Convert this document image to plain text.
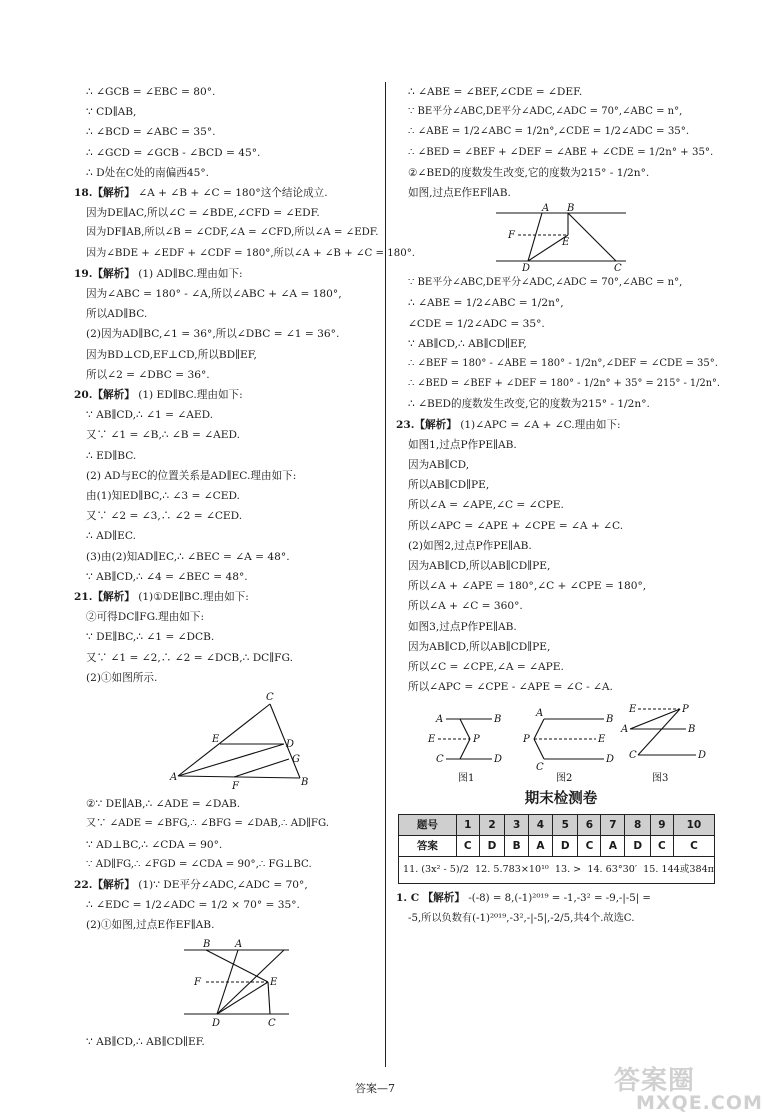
∴ ∠GCB = ∠EBC = 80°.
∵ CD∥AB,
∴ ∠BCD = ∠ABC = 35°.
∴ ∠GCD = ∠GCB - ∠BCD = 45°.
∴ D处在C处的南偏西45°.
18.【解析】 ∠A + ∠B + ∠C = 180°这个结论成立.
因为DE∥AC,所以∠C = ∠BDE,∠CFD = ∠EDF.
因为DF∥AB,所以∠B = ∠CDF,∠A = ∠CFD,所以∠A = ∠EDF.
因为∠BDE + ∠EDF + ∠CDF = 180°,所以∠A + ∠B + ∠C = 180°.
19.【解析】 (1) AD∥BC.理由如下:
因为∠ABC = 180° - ∠A,所以∠ABC + ∠A = 180°,
所以AD∥BC.
(2)因为AD∥BC,∠1 = 36°,所以∠DBC = ∠1 = 36°.
因为BD⊥CD,EF⊥CD,所以BD∥EF,
所以∠2 = ∠DBC = 36°.
20.【解析】 (1) ED∥BC.理由如下:
∵ AB∥CD,∴ ∠1 = ∠AED.
又∵ ∠1 = ∠B,∴ ∠B = ∠AED.
∴ ED∥BC.
(2) AD与EC的位置关系是AD∥EC.理由如下:
由(1)知ED∥BC,∴ ∠3 = ∠CED.
又∵ ∠2 = ∠3,∴ ∠2 = ∠CED.
∴ AD∥EC.
(3)由(2)知AD∥EC,∴ ∠BEC = ∠A = 48°.
∵ AB∥CD,∴ ∠4 = ∠BEC = 48°.
21.【解析】 (1)①DE∥BC.理由如下:
②可得DC∥FG.理由如下:
∵ DE∥BC,∴ ∠1 = ∠DCB.
又∵ ∠1 = ∠2,∴ ∠2 = ∠DCB,∴ DC∥FG.
(2)①如图所示.
C
E	D
G
A
F	B
②∵ DE∥AB,∴ ∠ADE = ∠DAB.
又∵ ∠ADE = ∠BFG,∴ ∠BFG = ∠DAB,∴ AD∥FG.
∵ AD⊥BC,∴ ∠CDA = 90°.
∵ AD∥FG,∴ ∠FGD = ∠CDA = 90°,∴ FG⊥BC.
22.【解析】 (1)∵ DE平分∠ADC,∠ADC = 70°,
∴ ∠EDC = 1/2∠ADC = 1/2 × 70° = 35°.
(2)①如图,过点E作EF∥AB.
B A
F	E
D	C
∵ AB∥CD,∴ AB∥CD∥EF.
∴ ∠ABE = ∠BEF,∠CDE = ∠DEF.
∵ BE平分∠ABC,DE平分∠ADC,∠ADC = 70°,∠ABC = n°,
∴ ∠ABE = 1/2∠ABC = 1/2n°,∠CDE = 1/2∠ADC = 35°.
∴ ∠BED = ∠BEF + ∠DEF = ∠ABE + ∠CDE = 1/2n° + 35°.
②∠BED的度数发生改变,它的度数为215° - 1/2n°.
如图,过点E作EF∥AB.
A B
F
E
D	C
∵ BE平分∠ABC,DE平分∠ADC,∠ADC = 70°,∠ABC = n°,
∴ ∠ABE = 1/2∠ABC = 1/2n°,
∠CDE = 1/2∠ADC = 35°.
∵ AB∥CD,∴ AB∥CD∥EF,
∴ ∠BEF = 180° - ∠ABE = 180° - 1/2n°,∠DEF = ∠CDE = 35°.
∴ ∠BED = ∠BEF + ∠DEF = 180° - 1/2n° + 35° = 215° - 1/2n°.
∴ ∠BED的度数发生改变,它的度数为215° - 1/2n°.
23.【解析】 (1)∠APC = ∠A + ∠C.理由如下:
如图1,过点P作PE∥AB.
因为AB∥CD,
所以AB∥CD∥PE,
所以∠A = ∠APE,∠C = ∠CPE.
所以∠APC = ∠APE + ∠CPE = ∠A + ∠C.
(2)如图2,过点P作PE∥AB.
因为AB∥CD,所以AB∥CD∥PE,
所以∠A + ∠APE = 180°,∠C + ∠CPE = 180°,
所以∠A + ∠C = 360°.
如图3,过点P作PE∥AB.
因为AB∥CD,所以AB∥CD∥PE,
所以∠C = ∠CPE,∠A = ∠APE.
所以∠APC = ∠CPE - ∠APE = ∠C - ∠A.
A	B
E	P
C	D
A
B
P	E
C
D
E	P
A	B
C	D
图1	图2	图3
期末检测卷
题号	1	2	3	4	5	6	7	8	9	10
答案	C	D	B	A	D	C	A	D	C	C
11. (3x² - 5)/2 12. 5.783×10¹⁰ 13. > 14. 63°30′ 15. 144或384π										
1. C 【解析】 -(-8) = 8,(-1)²⁰¹⁹ = -1,-3² = -9,-|-5| =
-5,所以负数有(-1)²⁰¹⁹,-3²,-|-5|,-2/5,共4个.故选C.
答案—7	答案圈
MXQE.COM
